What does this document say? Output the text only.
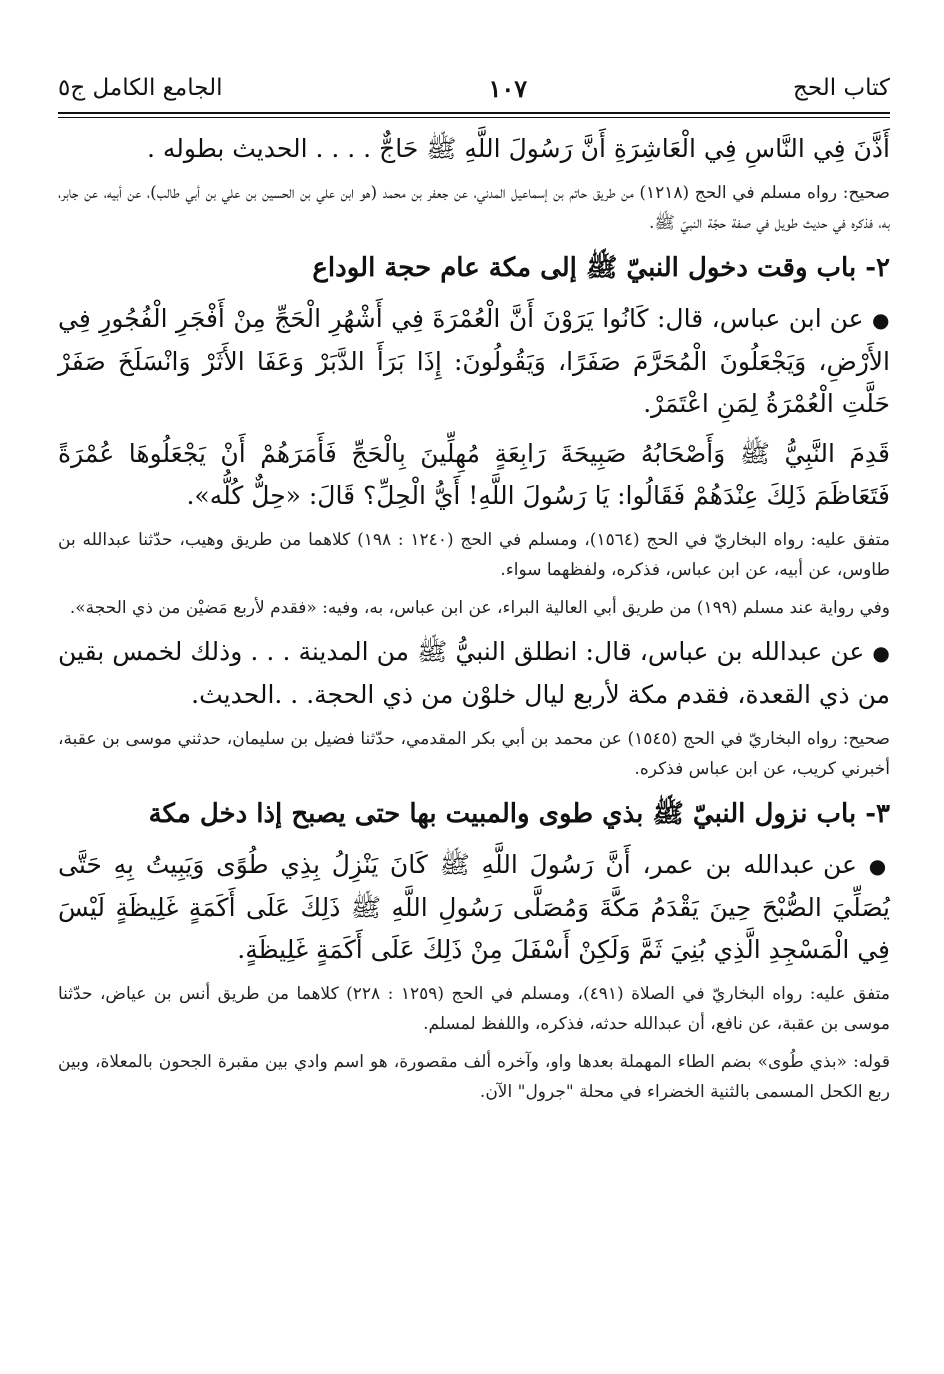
كتاب الحج
١٠٧
الجامع الكامل ج٥

أَذَّنَ فِي النَّاسِ فِي الْعَاشِرَةِ أَنَّ رَسُولَ اللَّهِ ﷺ حَاجٌّ . . . . الحديث بطوله .

صحيح: رواه مسلم في الحج (١٢١٨) من طريق حاتم بن إسماعيل المدني، عن جعفر بن محمد (هو ابن علي بن الحسين بن علي بن أبي طالب)، عن أبيه، عن جابر، به، فذكره في حديث طويل في صفة حجّة النبيّ ﷺ.

٢- باب وقت دخول النبيّ ﷺ إلى مكة عام حجة الوداع

● عن ابن عباس، قال: كَانُوا يَرَوْنَ أَنَّ الْعُمْرَةَ فِي أَشْهُرِ الْحَجِّ مِنْ أَفْجَرِ الْفُجُورِ فِي الأَرْضِ، وَيَجْعَلُونَ الْمُحَرَّمَ صَفَرًا، وَيَقُولُونَ: إِذَا بَرَأَ الدَّبَرْ وَعَفَا الأَثَرْ وَانْسَلَخَ صَفَرْ حَلَّتِ الْعُمْرَةُ لِمَنِ اعْتَمَرْ.

قَدِمَ النَّبِيُّ ﷺ وَأَصْحَابُهُ صَبِيحَةَ رَابِعَةٍ مُهِلِّينَ بِالْحَجِّ فَأَمَرَهُمْ أَنْ يَجْعَلُوهَا عُمْرَةً فَتَعَاظَمَ ذَلِكَ عِنْدَهُمْ فَقَالُوا: يَا رَسُولَ اللَّهِ! أَيُّ الْحِلِّ؟ قَالَ: «حِلٌّ كُلُّه».

متفق عليه: رواه البخاريّ في الحج (١٥٦٤)، ومسلم في الحج (١٢٤٠ : ١٩٨) كلاهما من طريق وهيب، حدّثنا عبدالله بن طاوس، عن أبيه، عن ابن عباس، فذكره، ولفظهما سواء.

وفي رواية عند مسلم (١٩٩) من طريق أبي العالية البراء، عن ابن عباس، به، وفيه: «فقدم لأربع مَضيْن من ذي الحجة».

● عن عبدالله بن عباس، قال: انطلق النبيُّ ﷺ من المدينة . . . وذلك لخمس بقين من ذي القعدة، فقدم مكة لأربع ليال خلوْن من ذي الحجة. . .الحديث.

صحيح: رواه البخاريّ في الحج (١٥٤٥) عن محمد بن أبي بكر المقدمي، حدّثنا فضيل بن سليمان، حدثني موسى بن عقبة، أخبرني كريب، عن ابن عباس فذكره.

٣- باب نزول النبيّ ﷺ بذي طوى والمبيت بها حتى يصبح إذا دخل مكة

● عن عبدالله بن عمر، أَنَّ رَسُولَ اللَّهِ ﷺ كَانَ يَنْزِلُ بِذِي طُوًى وَيَبِيتُ بِهِ حَتَّى يُصَلِّيَ الصُّبْحَ حِينَ يَقْدَمُ مَكَّةَ وَمُصَلَّى رَسُولِ اللَّهِ ﷺ ذَلِكَ عَلَى أَكَمَةٍ غَلِيظَةٍ لَيْسَ فِي الْمَسْجِدِ الَّذِي بُنِيَ ثَمَّ وَلَكِنْ أَسْفَلَ مِنْ ذَلِكَ عَلَى أَكَمَةٍ غَلِيظَةٍ.

متفق عليه: رواه البخاريّ في الصلاة (٤٩١)، ومسلم في الحج (١٢٥٩ : ٢٢٨) كلاهما من طريق أنس بن عياض، حدّثنا موسى بن عقبة، عن نافع، أن عبدالله حدثه، فذكره، واللفظ لمسلم.

قوله: «بذي طُوى» بضم الطاء المهملة بعدها واو، وآخره ألف مقصورة، هو اسم وادي بين مقبرة الجحون بالمعلاة، وبين ربع الكحل المسمى بالثنية الخضراء في محلة "جرول" الآن.
